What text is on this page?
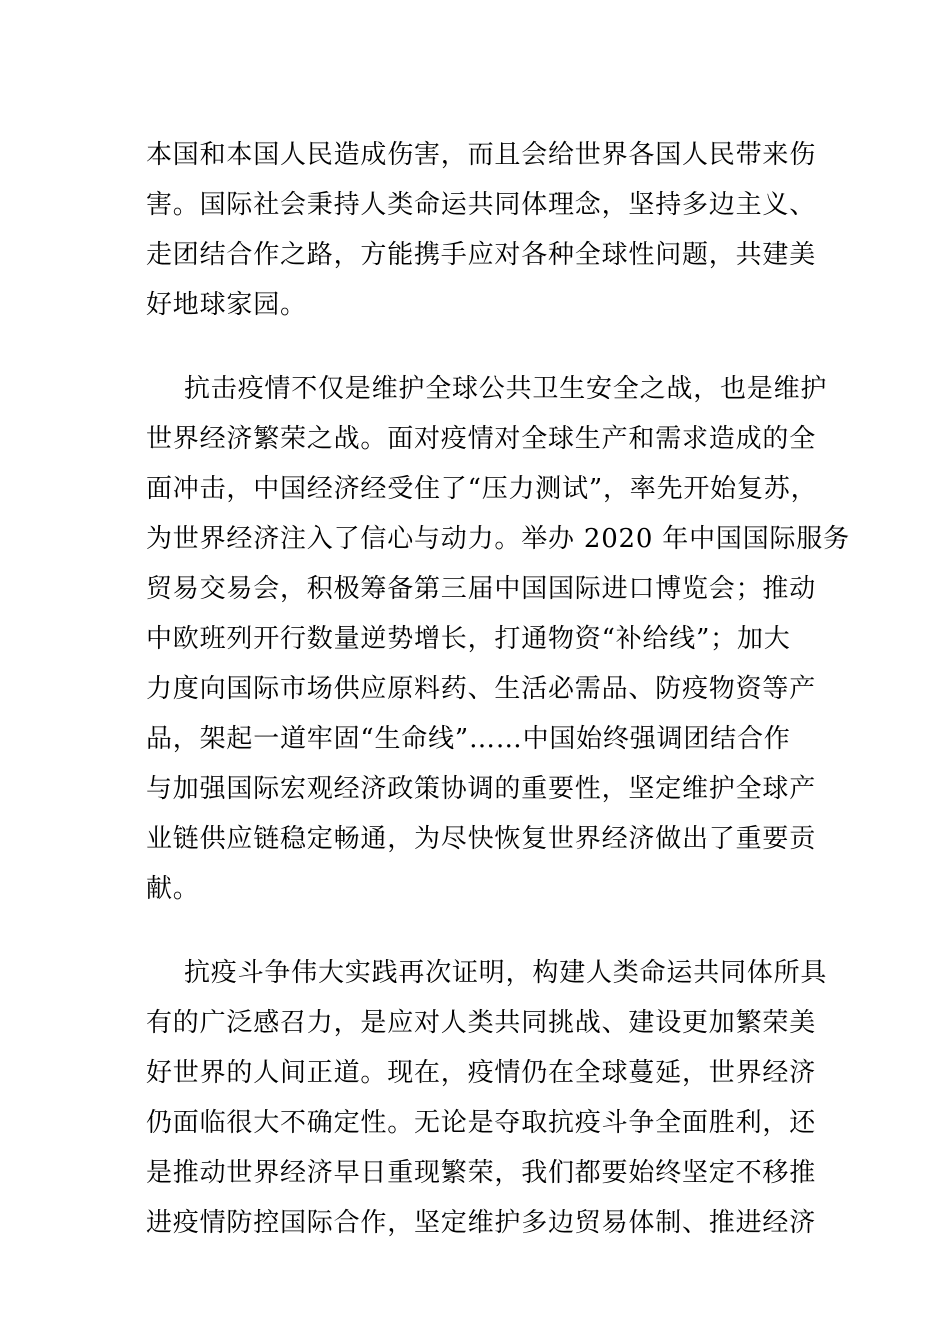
本国和本国人民造成伤害，而且会给世界各国人民带来伤
害。国际社会秉持人类命运共同体理念，坚持多边主义、
走团结合作之路，方能携手应对各种全球性问题，共建美
好地球家园。
抗击疫情不仅是维护全球公共卫生安全之战，也是维护
世界经济繁荣之战。面对疫情对全球生产和需求造成的全
面冲击，中国经济经受住了“压力测试”，率先开始复苏，
为世界经济注入了信心与动力。举办 2020 年中国国际服务
贸易交易会，积极筹备第三届中国国际进口博览会；推动
中欧班列开行数量逆势增长，打通物资“补给线”；加大
力度向国际市场供应原料药、生活必需品、防疫物资等产
品，架起一道牢固“生命线”……中国始终强调团结合作
与加强国际宏观经济政策协调的重要性，坚定维护全球产
业链供应链稳定畅通，为尽快恢复世界经济做出了重要贡
献。
抗疫斗争伟大实践再次证明，构建人类命运共同体所具
有的广泛感召力，是应对人类共同挑战、建设更加繁荣美
好世界的人间正道。现在，疫情仍在全球蔓延，世界经济
仍面临很大不确定性。无论是夺取抗疫斗争全面胜利，还
是推动世界经济早日重现繁荣，我们都要始终坚定不移推
进疫情防控国际合作，坚定维护多边贸易体制、推进经济
